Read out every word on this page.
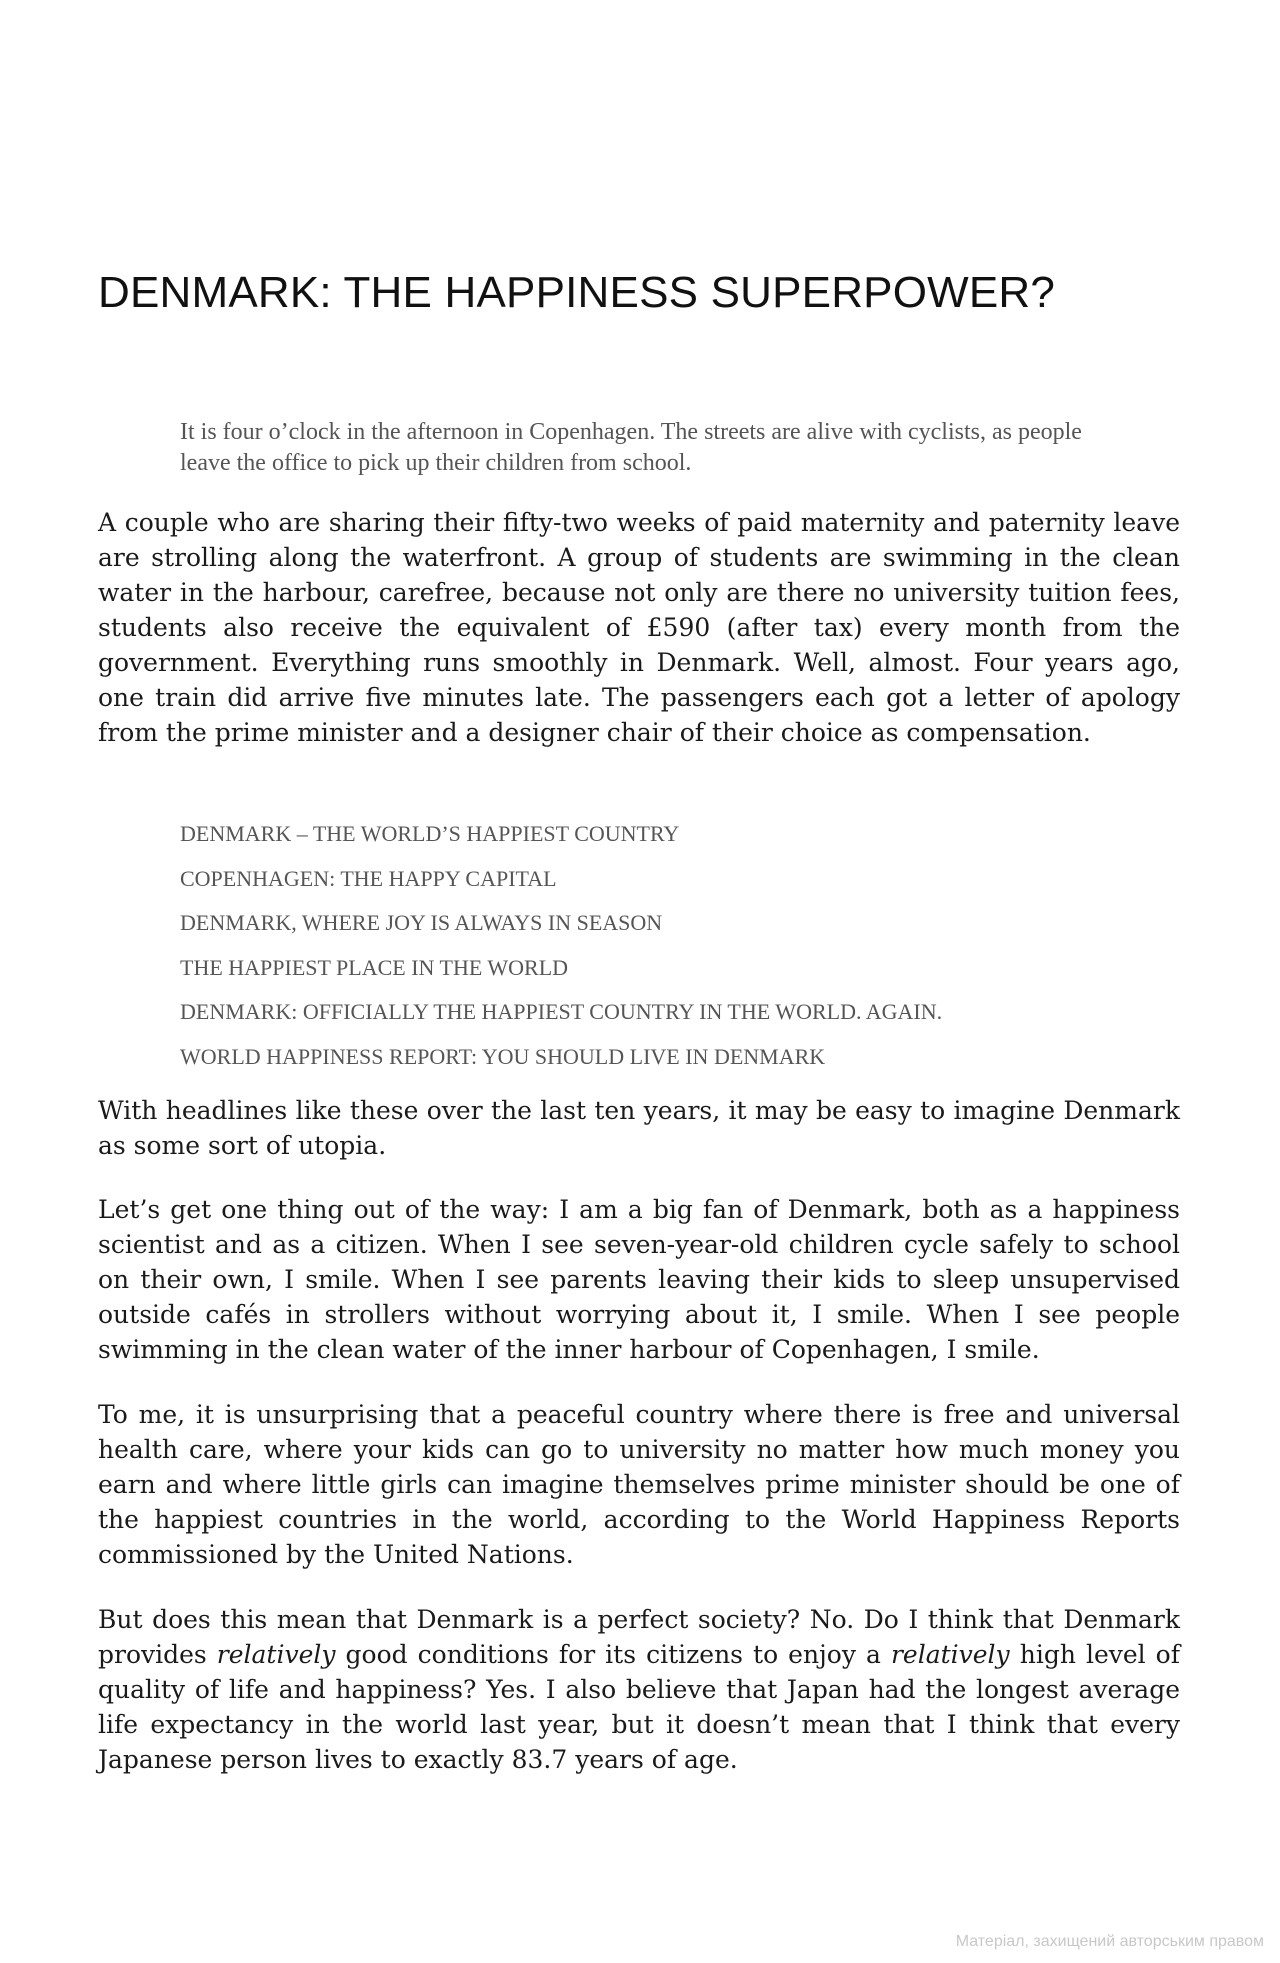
DENMARK: THE HAPPINESS SUPERPOWER?

It is four o’clock in the afternoon in Copenhagen. The streets are alive with cyclists, as people leave the office to pick up their children from school.

A couple who are sharing their fifty-two weeks of paid maternity and paternity leave are strolling along the waterfront. A group of students are swimming in the clean water in the harbour, carefree, because not only are there no university tuition fees, students also receive the equivalent of £590 (after tax) every month from the government. Everything runs smoothly in Denmark. Well, almost. Four years ago, one train did arrive five minutes late. The passengers each got a letter of apology from the prime minister and a designer chair of their choice as compensation.

DENMARK – THE WORLD’S HAPPIEST COUNTRY
COPENHAGEN: THE HAPPY CAPITAL
DENMARK, WHERE JOY IS ALWAYS IN SEASON
THE HAPPIEST PLACE IN THE WORLD
DENMARK: OFFICIALLY THE HAPPIEST COUNTRY IN THE WORLD. AGAIN.
WORLD HAPPINESS REPORT: YOU SHOULD LIVE IN DENMARK

With headlines like these over the last ten years, it may be easy to imagine Denmark as some sort of utopia.

Let’s get one thing out of the way: I am a big fan of Denmark, both as a happiness scientist and as a citizen. When I see seven-year-old children cycle safely to school on their own, I smile. When I see parents leaving their kids to sleep unsupervised outside cafés in strollers without worrying about it, I smile. When I see people swimming in the clean water of the inner harbour of Copenhagen, I smile.

To me, it is unsurprising that a peaceful country where there is free and universal health care, where your kids can go to university no matter how much money you earn and where little girls can imagine themselves prime minister should be one of the happiest countries in the world, according to the World Happiness Reports commissioned by the United Nations.

But does this mean that Denmark is a perfect society? No. Do I think that Denmark provides relatively good conditions for its citizens to enjoy a relatively high level of quality of life and happiness? Yes. I also believe that Japan had the longest average life expectancy in the world last year, but it doesn’t mean that I think that every Japanese person lives to exactly 83.7 years of age.

Матеріал, захищений авторським правом
